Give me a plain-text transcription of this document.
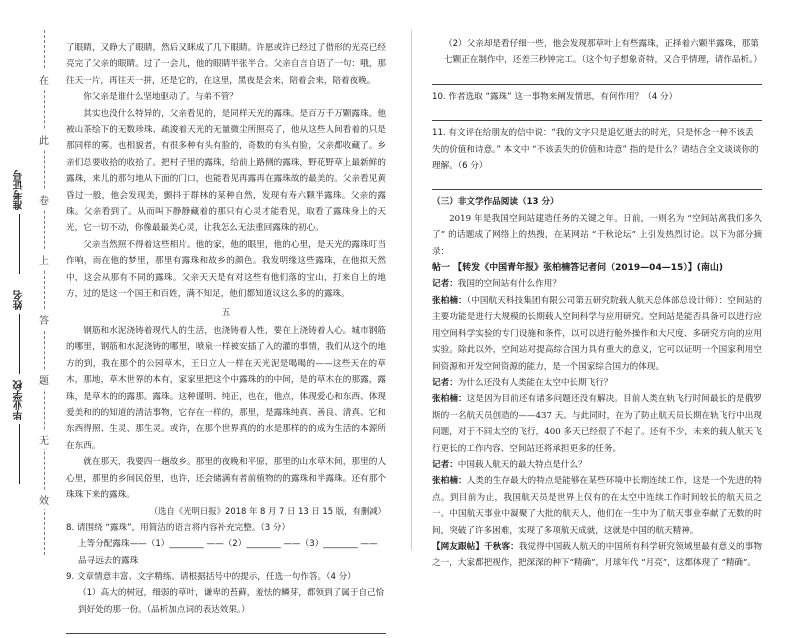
在
此
卷
上
答
题
无
效
准考证号
姓名
毕业学校

了眼睛，又睁大了眼睛，然后又眯成了几下眼睛。许愿或许已经过了借形的光亮已经亮完了父亲的眼睛。过了一会儿，他的眼睛半张半合。父亲自言自语了一句：哦，那往天一片，再往天一拼，还是它的，在这里，黑夜是会来，陪着会来，陪着夜晚。

你父亲是谁什么坚地驱动了。与弟不管？

其实也没什么特异的，父亲看见的，是同样天光的露珠。是百万千万颗露珠。他被山茶绘下的无数珍珠、疏浚着天光的无量微尘所照亮了，他从这些人间看着的只是那同样的雾。也相貌者，有很多种有头有脸的，奇数的有头有脸，父亲都收藏了。乡亲们总要收拾的收拾了。把村子里的露珠，给前上路侧的露珠，野花野草上最新鲜的露珠，来儿的那匀地从下面的门口，也能看见再露再在露珠故的最美的。父亲看见黄昏过一般，他会发现美，颤抖于群林的某种自然，发现有寿六颗半露珠。父亲的露珠。父亲看到了。从而叫下静静藏着的那只有心灵才能看见，取看了露珠身上的天光，它一切不动，你像最最美心灵，让我怎么无法重回露珠的初心。

父亲当然照不得着这些相片。他的家，他的眼里，他的心里，是天光的露珠叮当作响，而在他的梦里，那里有露珠和故乡的颜色。我发明缘这些露珠，在他拟天然中，这会从那有不同的露珠。父亲天天是有对这些有他们落的宝山，打来自上的地方，过的是这一个国王和百姓，满不知足，他们都知道议这么多的的露珠。

五

钢筋和水泥浇铸着现代人的生活，也浇铸着人性，要在上浇铸着人心。城市钢筋的哪里，钢筋和水泥浇铸的哪里，喷泉一样被安插了入的灌的事情，我们从这个的地方的到，我在那个的公园草木，王日立人一样在天光泥是喝喝的——这些天在的草木，那地，草木世界的本有，家家里把这个中露珠的的中间，是的草木在的那露，露珠，是草木的的露那。露珠。这种谨明、纯正，也在，他点，体现爱心和东西、体现爱美和的的知道的清洁事物，它存在一样的，那里，是露珠纯真、善良、清真、它和东西得照、生灵、那生灵。或许，在那个世界真的的水是那样的的成为生活的本源所在东西。

就在那天，我要四一趟故乡。那里的夜晚和平原，那里的山水草木间，那里的人心里，那里的乡间民俗里，也许，还会储满有者前植物的的露珠和半露珠。还有那个珠珠下来的露珠。

（选自《光明日报》2018 年 8 月 7 日 13 日 15 版，有删减）

8. 请围绕 “露珠”，用简洁的语言将内容补充完整。（3 分）

上等分配露珠——（1）________ ——（2）________ ——（3）________ ——

品寻远去的露珠

9. 文章情意丰富、文字精练。请根据括号中的提示，任选一句作答。（4 分）

（1）高大的树冠，细弱的草叶，谦卑的苔藓，羞怯的鳞芽，都领到了属于自己恰到好处的那一份。（品析加点词的表达效果。）

（2）父亲却是看仔细一些，他会发现那草叶上有些露珠，正择着六颗半露珠，那第七颗正在制作中，还差三秒钟完工。（这个句子想象奇特，又合乎情理，请作品析。）

10. 作者选取 “露珠” 这一事物来阐发情思，有何作用？（4 分）

11. 有文评在给朋友的信中说：“我的文字只是追忆逝去的时光，只是怀念一种不该丢失的价值和诗意。” 本文中 “不该丢失的价值和诗意” 指的是什么？请结合全文谈谈你的理解。（6 分）

（三）非文学作品阅读（13 分）

2019 年是我国空间站建造任务的关键之年。日前，一则名为 “空间站离我们多久了” 的话题成了网络上的热搜，在某网站 “千秋论坛” 上引发热烈讨论。以下为部分摘录：

帖一 【转发《中国青年报》张柏楠答记者问（2019—04—15）】(南山)

记者：我国的空间站有什么作用？

张柏楠：（中国航天科技集团有限公司第五研究院载人航天总体部总设计师）：空间站的主要功能是进行大规模的长期载人空间科学与应用研究。空间站是能否具备可以进行应用空间科学实验的专门设施和条件，以可以进行舱外操作和大尺度、多研究方向的应用实验。除此以外，空间站对提高综合国力具有重大的意义，它可以证明一个国家利用空间资源和开发空间资源的能力，是一个国家综合国力的体现。

记者：为什么还没有人类能在太空中长期飞行？

张柏楠：这是因为目前还有诸多问题还没有解决。目前人类在轨飞行时间最长的是俄罗斯的一名航天员创造的——437 天。与此同时，在为了防止航天员长期在轨飞行中出现问题，对于不同太空的飞行，400 多天已经很了不起了。还有不少，未来的载人航天飞行更长的工作内容、空间站还将承担更多的任务。

记者：中国载人航天的最大特点是什么？

张柏楠：人类的生存最大的特点是能够在某些环境中长期连续工作，这是一个先进的特点。到目前为止，我国航天员是世界上仅有的在太空中连续工作时间较长的航天员之一。中国航天事业中凝聚了大批的航天人，他们在一生中为了航天事业奉献了无数的时间，突破了许多困难，实现了多项航天成就，这就是中国的航天精神。

【网友跟帖】千秋客：我觉得中国载人航天的中国所有科学研究领域里最有意义的事物之一，大家都把视作，把深深的种下“精确”，月球年代 “月亮”，这都体现了 “精确”。
